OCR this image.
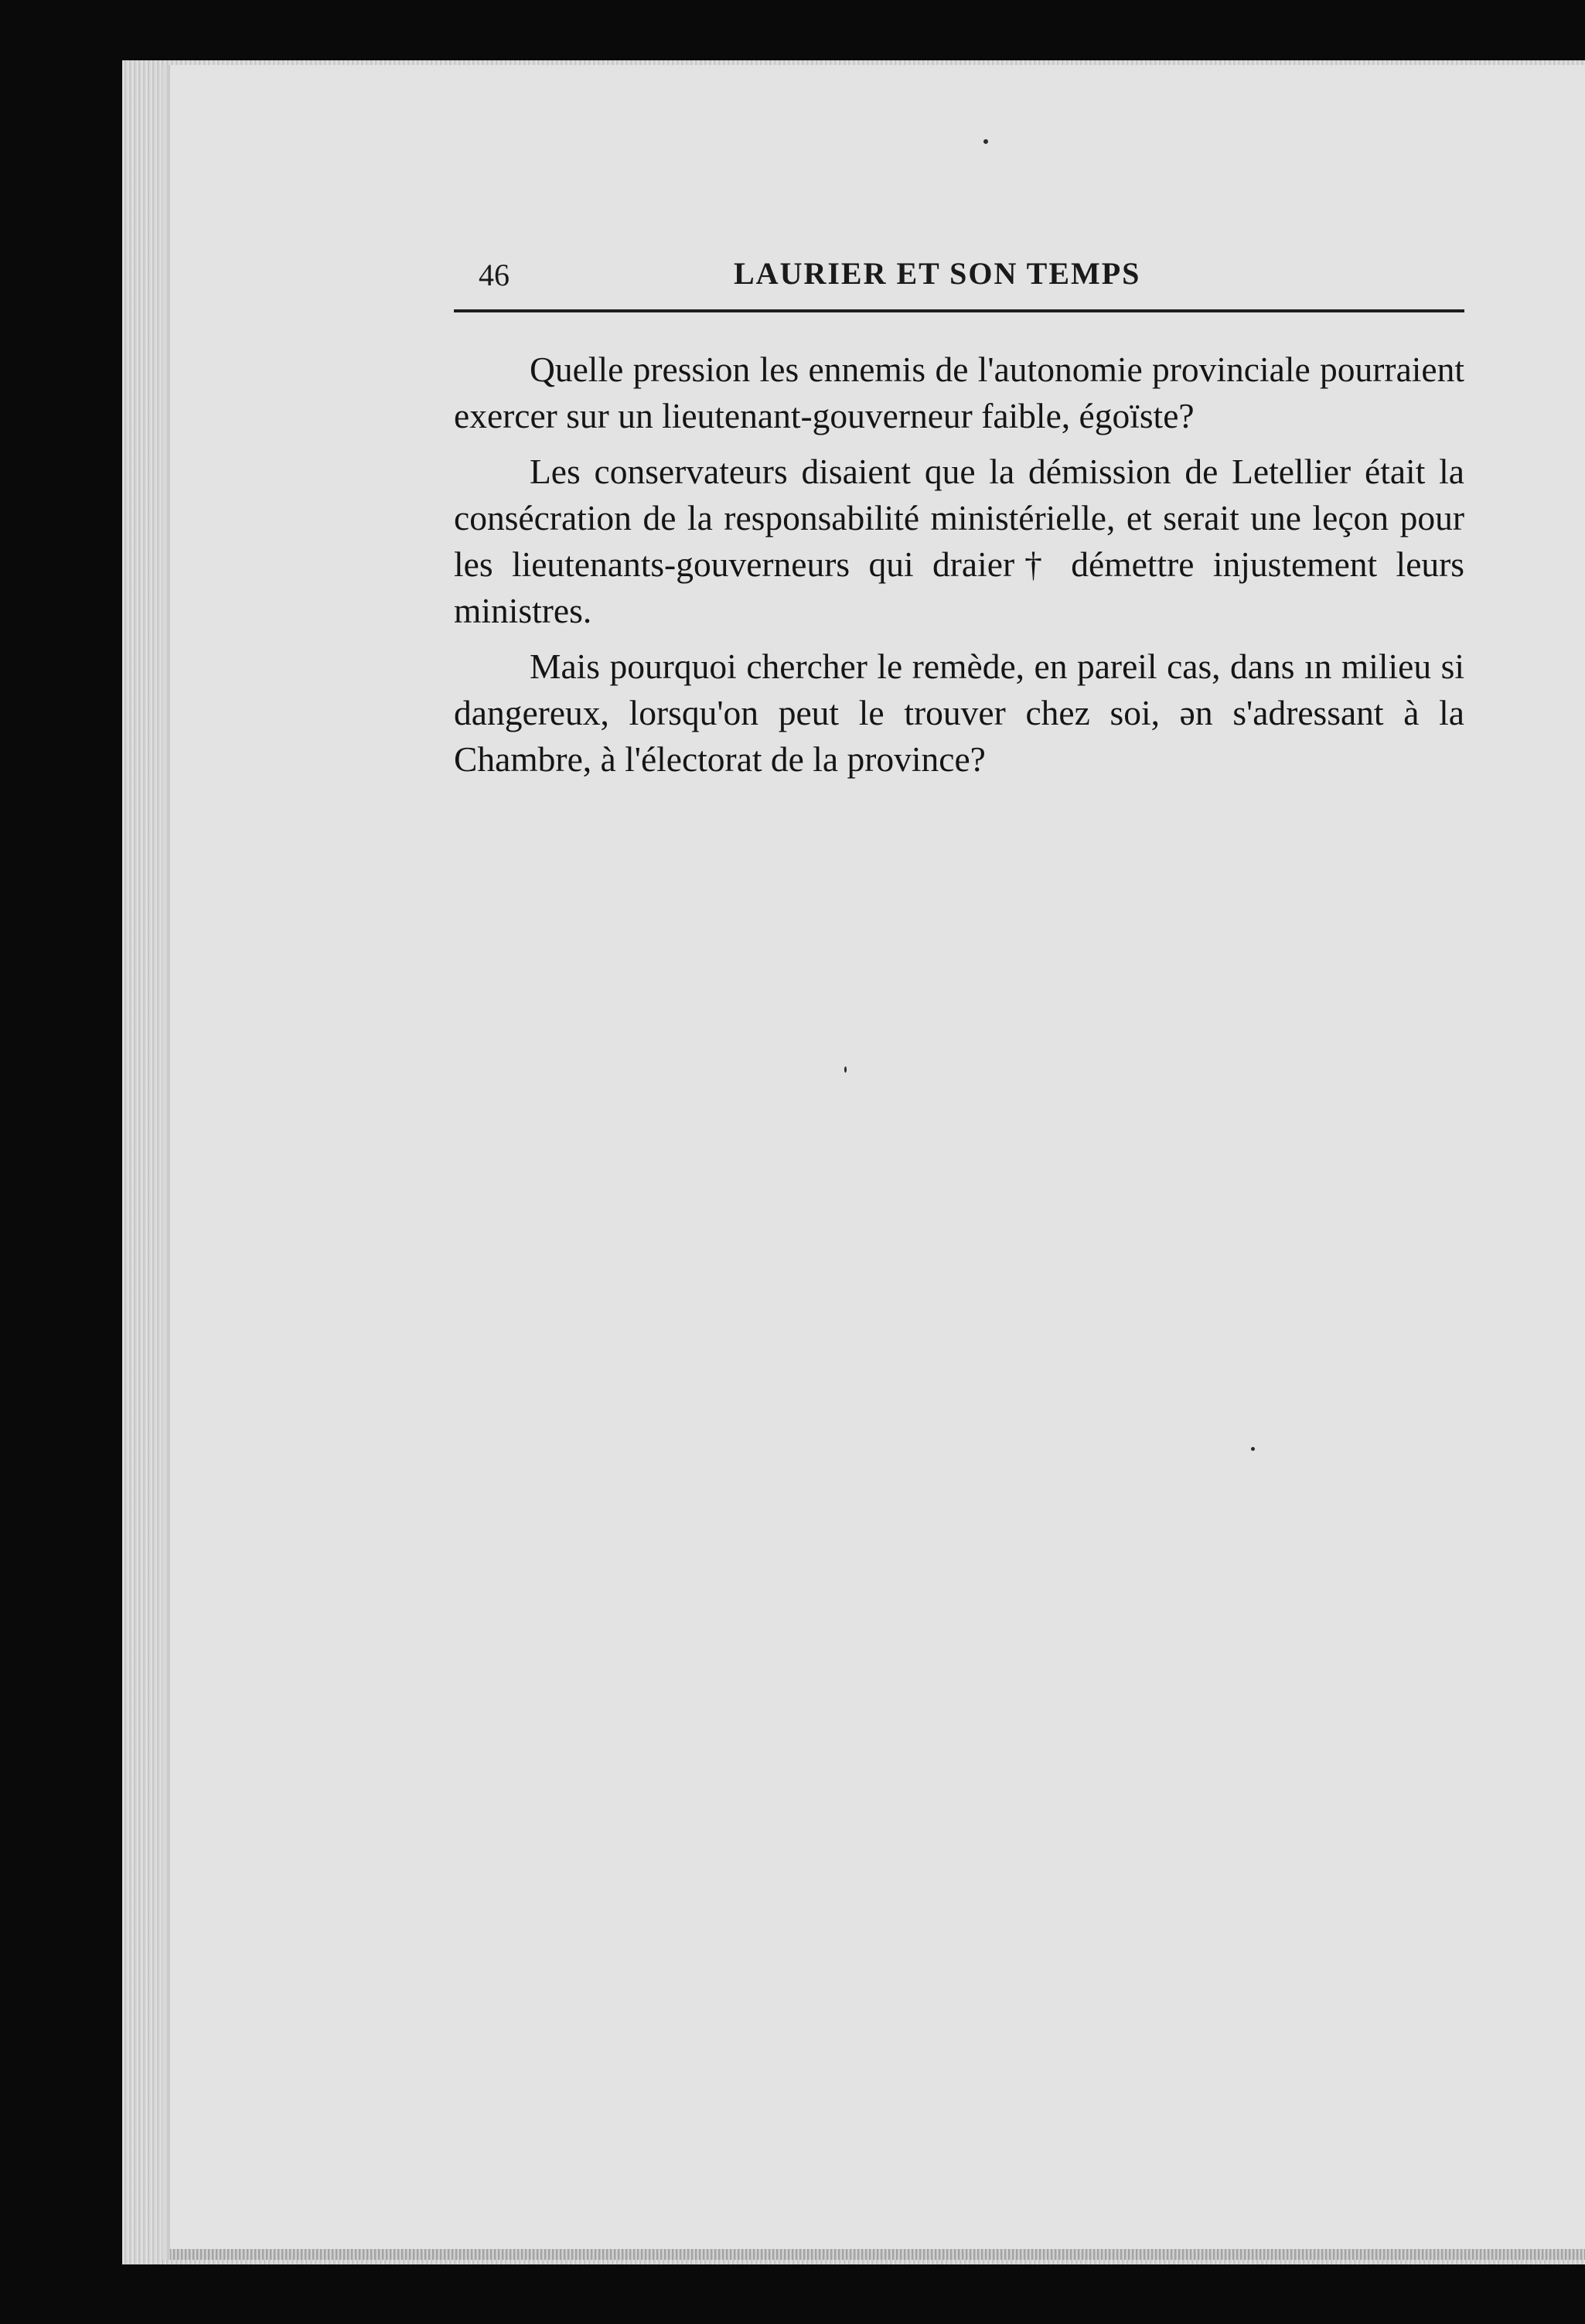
46	LAURIER ET SON TEMPS

Quelle pression les ennemis de l'autonomie provinciale pourraient exercer sur un lieutenant-gouverneur faible, égoïste?

Les conservateurs disaient que la démission de Letellier était la consécration de la responsabilité ministérielle, et serait une leçon pour les lieutenants-gouverneurs qui draier† démettre injustement leurs ministres.

Mais pourquoi chercher le remède, en pareil cas, dans ın milieu si dangereux, lorsqu'on peut le trouver chez soi, ən s'adressant à la Chambre, à l'électorat de la province?
